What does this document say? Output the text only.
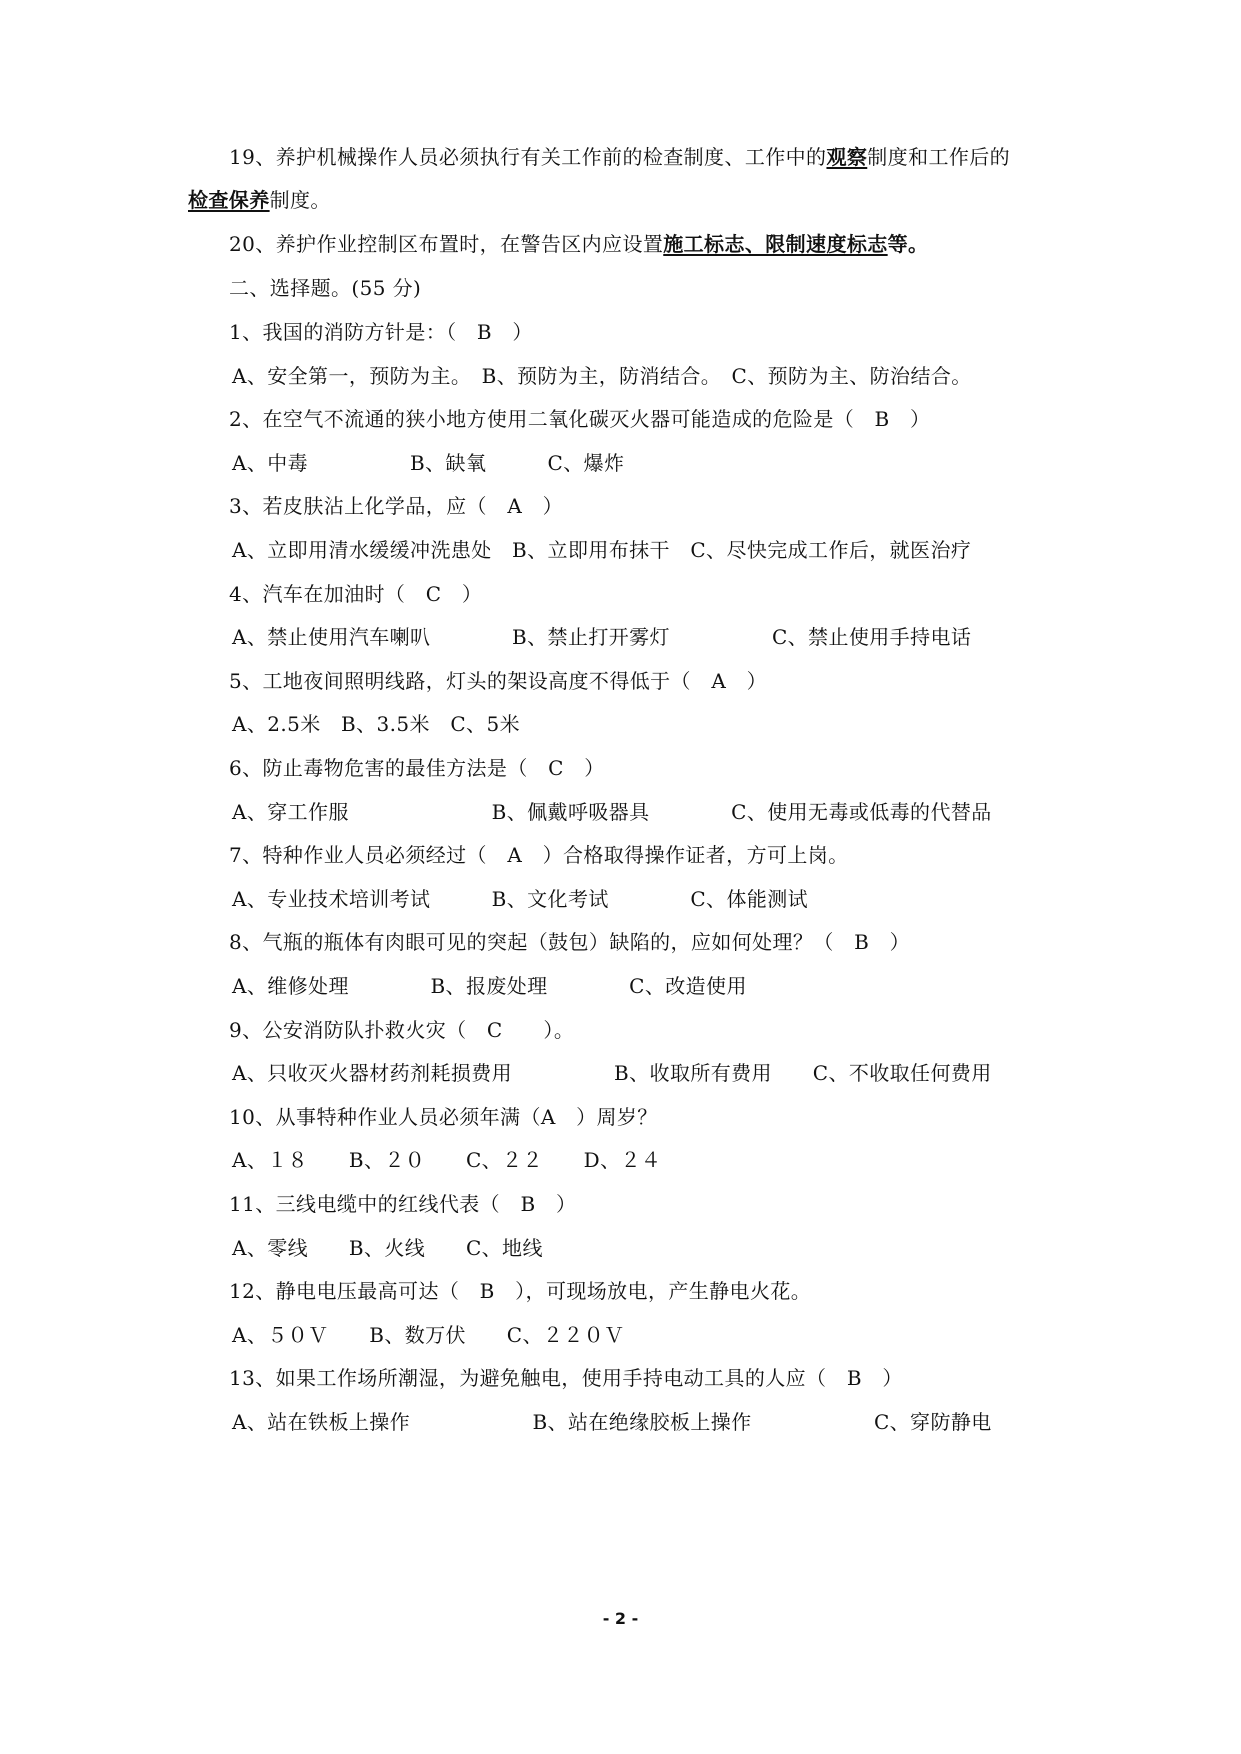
19、养护机械操作人员必须执行有关工作前的检查制度、工作中的观察制度和工作后的
检查保养制度。
20、养护作业控制区布置时，在警告区内应设置施工标志、限制速度标志等。
二、选择题。(55 分)
1、我国的消防方针是：（　B　）
A、安全第一，预防为主。　B、预防为主，防消结合。　C、预防为主、防治结合。
2、在空气不流通的狭小地方使用二氧化碳灭火器可能造成的危险是（　B　）
A、中毒　　　　　B、缺氧　　　C、爆炸
3、若皮肤沾上化学品，应（　A　）
A、立即用清水缓缓冲洗患处　B、立即用布抹干　C、尽快完成工作后，就医治疗
4、汽车在加油时（　C　）
A、禁止使用汽车喇叭　　　　B、禁止打开雾灯　　　　　C、禁止使用手持电话
5、工地夜间照明线路，灯头的架设高度不得低于（　A　）
A、2.5米　B、3.5米　C、5米
6、防止毒物危害的最佳方法是（　C　）
A、穿工作服　　　　　　　B、佩戴呼吸器具　　　　C、使用无毒或低毒的代替品
7、特种作业人员必须经过（　A　）合格取得操作证者，方可上岗。
A、专业技术培训考试　　　B、文化考试　　　　C、体能测试
8、气瓶的瓶体有肉眼可见的突起（鼓包）缺陷的，应如何处理？（　B　）
A、维修处理　　　　B、报废处理　　　　C、改造使用
9、公安消防队扑救火灾（　C　　）。
A、只收灭火器材药剂耗损费用　　　　　B、收取所有费用　　C、不收取任何费用
10、从事特种作业人员必须年满（A　）周岁？
A、１８　　B、２０　　C、２２　　D、２４
11、三线电缆中的红线代表（　B　）
A、零线　　B、火线　　C、地线
12、静电电压最高可达（　B　），可现场放电，产生静电火花。
A、５０Ｖ　　B、数万伏　　C、２２０Ｖ
13、如果工作场所潮湿，为避免触电，使用手持电动工具的人应（　B　）
A、站在铁板上操作　　　　　　B、站在绝缘胶板上操作　　　　　　C、穿防静电
- 2 -
